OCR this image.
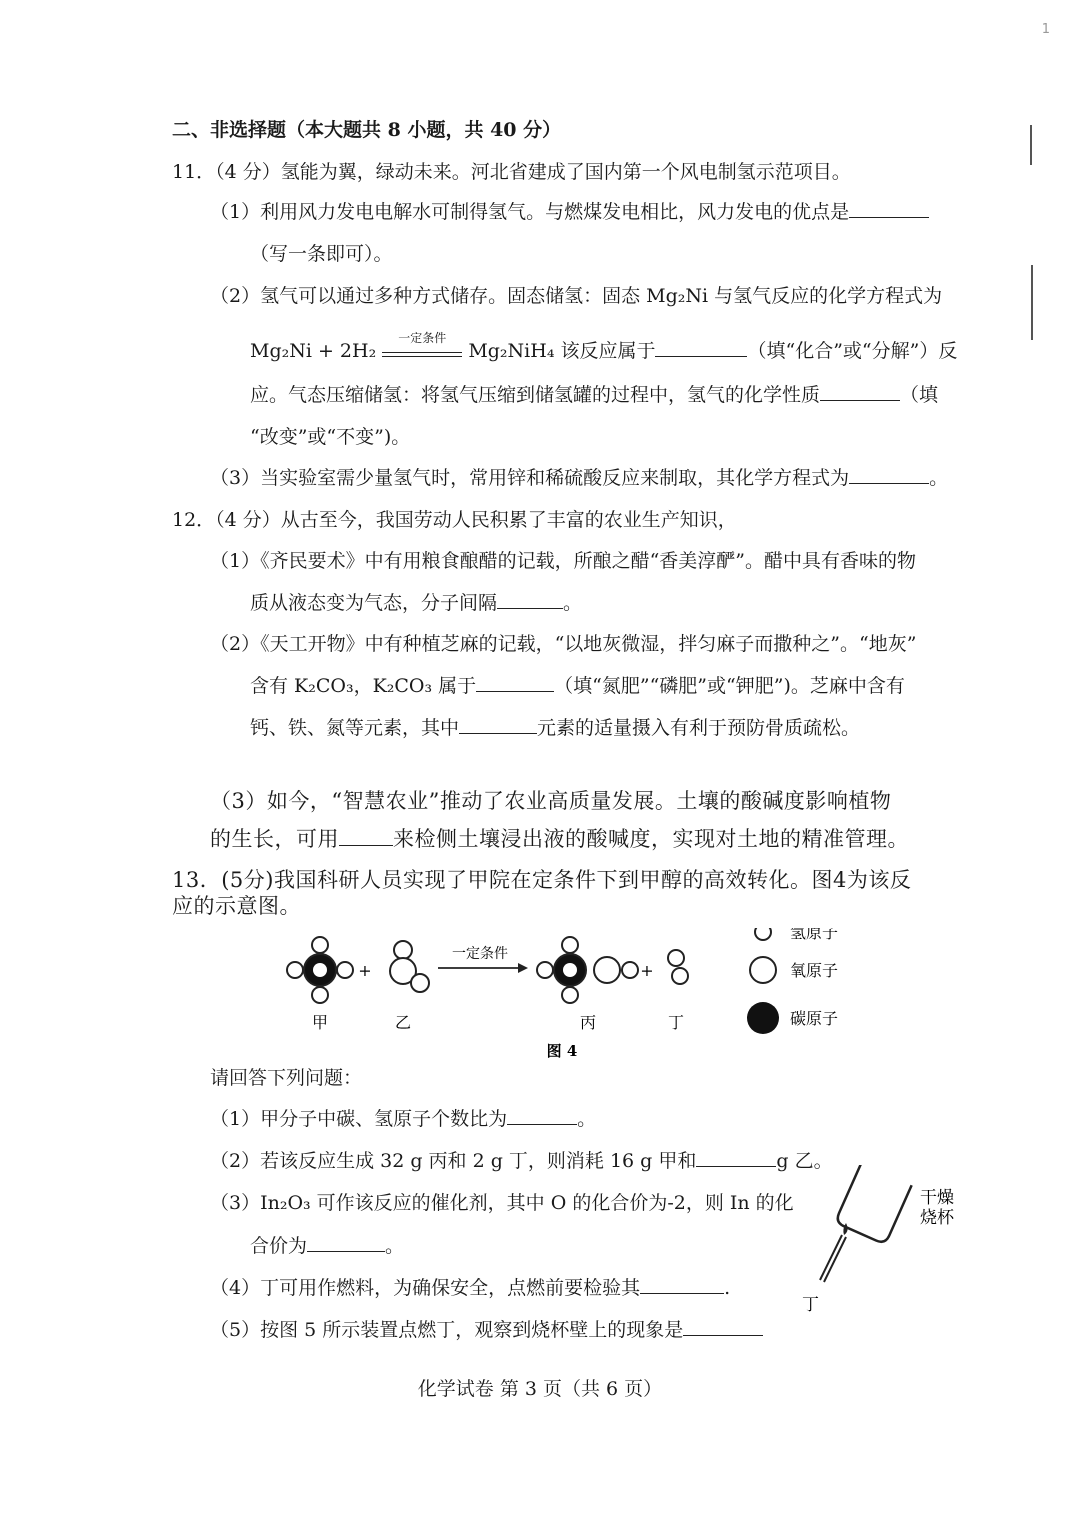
1
二、非选择题（本大题共 8 小题，共 40 分）
11．（4 分）氢能为翼，绿动未来。河北省建成了国内第一个风电制氢示范项目。
（1）利用风力发电电解水可制得氢气。与燃煤发电相比，风力发电的优点是
（写一条即可）。
（2）氢气可以通过多种方式储存。固态储氢：固态 Mg₂Ni 与氢气反应的化学方程式为
Mg₂Ni + 2H₂
一定条件
Mg₂NiH₄ 该反应属于	（填“化合”或“分解”）反
应。气态压缩储氢：将氢气压缩到储氢罐的过程中，氢气的化学性质	（填
“改变”或“不变”)。
（3）当实验室需少量氢气时，常用锌和稀硫酸反应来制取，其化学方程式为	。
12．（4 分）从古至今，我国劳动人民积累了丰富的农业生产知识，
（1）《齐民要术》中有用粮食酿醋的记载，所酿之醋“香美淳酽”。醋中具有香味的物
质从液态变为气态，分子间隔	。
（2）《天工开物》中有种植芝麻的记载，“以地灰微湿，拌匀麻子而撒种之”。“地灰”
含有 K₂CO₃，K₂CO₃ 属于	（填“氮肥”“磷肥”或“钾肥”)。芝麻中含有
钙、铁、氮等元素，其中	元素的适量摄入有利于预防骨质疏松。
（3）如今，“智慧农业”推动了农业高质量发展。土壤的酸碱度影响植物
的生长，可用	来检侧土壤浸出液的酸喊度，实现对土地的精准管理。
13．(5分)我国科研人员实现了甲院在定条件下到甲醇的高效转化。图4为该反
应的示意图。
+
一定条件
+
甲	乙	丙	丁
图 4
氢原子
氧原子
碳原子
请回答下列问题：
（1）甲分子中碳、氢原子个数比为	。
（2）若该反应生成 32 g 丙和 2 g 丁，则消耗 16 g 甲和	g 乙。
（3）In₂O₃ 可作该反应的催化剂，其中 O 的化合价为-2，则 In 的化
合价为	。
（4）丁可用作燃料，为确保安全，点燃前要检验其	.
（5）按图 5 所示装置点燃丁，观察到烧杯壁上的现象是
干燥
烧杯
丁
化学试卷 第 3 页（共 6 页）
